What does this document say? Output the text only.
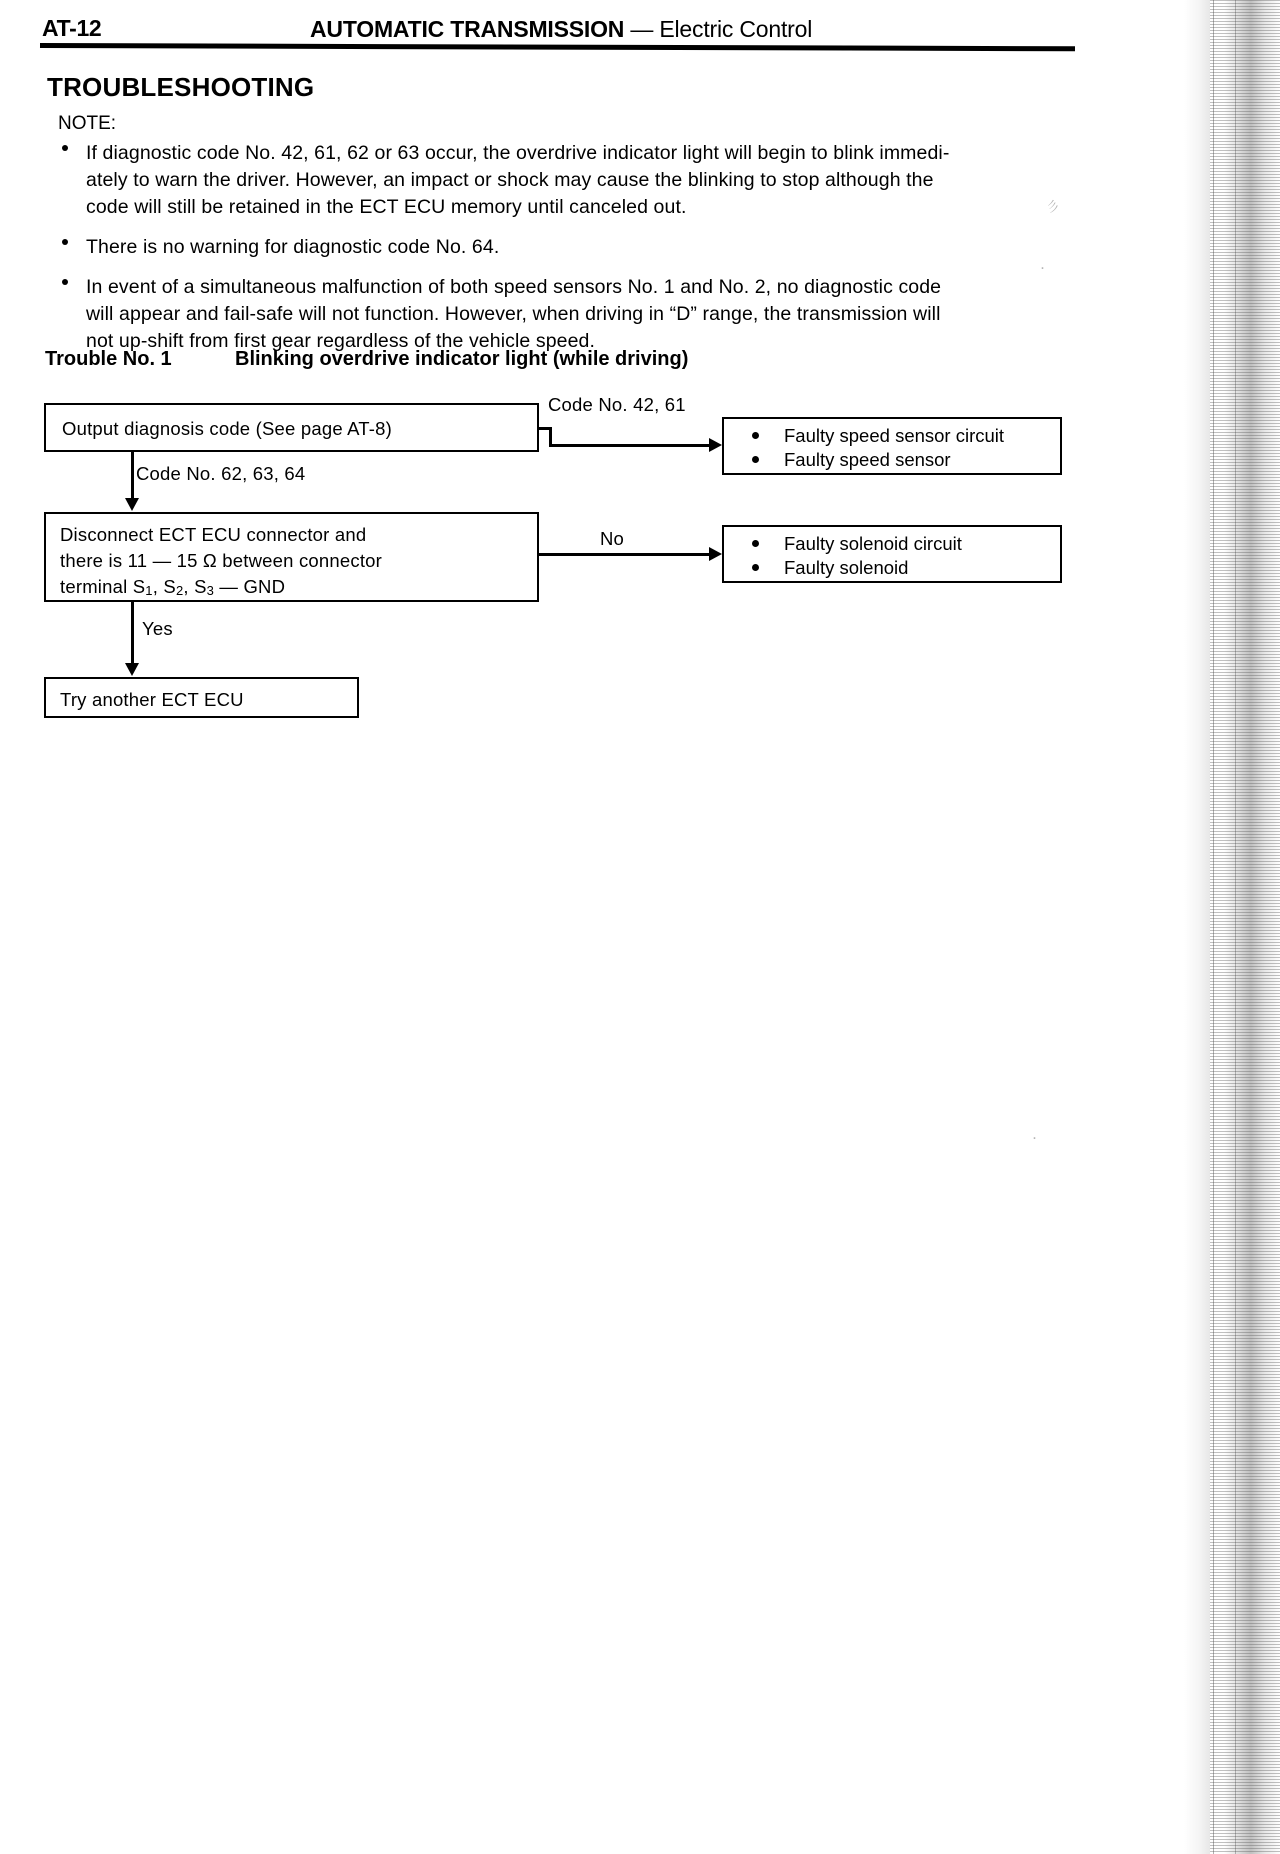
AT-12	AUTOMATIC TRANSMISSION — Electric Control
TROUBLESHOOTING
NOTE:

If diagnostic code No. 42, 61, 62 or 63 occur, the overdrive indicator light will begin to blink immedi-

ately to warn the driver. However, an impact or shock may cause the blinking to stop although the

code will still be retained in the ECT ECU memory until canceled out.

There is no warning for diagnostic code No. 64.

In event of a simultaneous malfunction of both speed sensors No. 1 and No. 2, no diagnostic code

will appear and fail-safe will not function. However, when driving in “D” range, the transmission will

not up-shift from first gear regardless of the vehicle speed.

Trouble No. 1	Blinking overdrive indicator light (while driving)
Output diagnosis code (See page AT-8)
Code No. 42, 61
Faulty speed sensor circuit
Faulty speed sensor
Code No. 62, 63, 64
Disconnect ECT ECU connector and
there is 11 — 15 Ω between connector
terminal $S_1$, $S_2$, $S_3$ — GND
No	Faulty solenoid circuit
Faulty solenoid
Yes
Try another ECT ECU
彡
･
･
